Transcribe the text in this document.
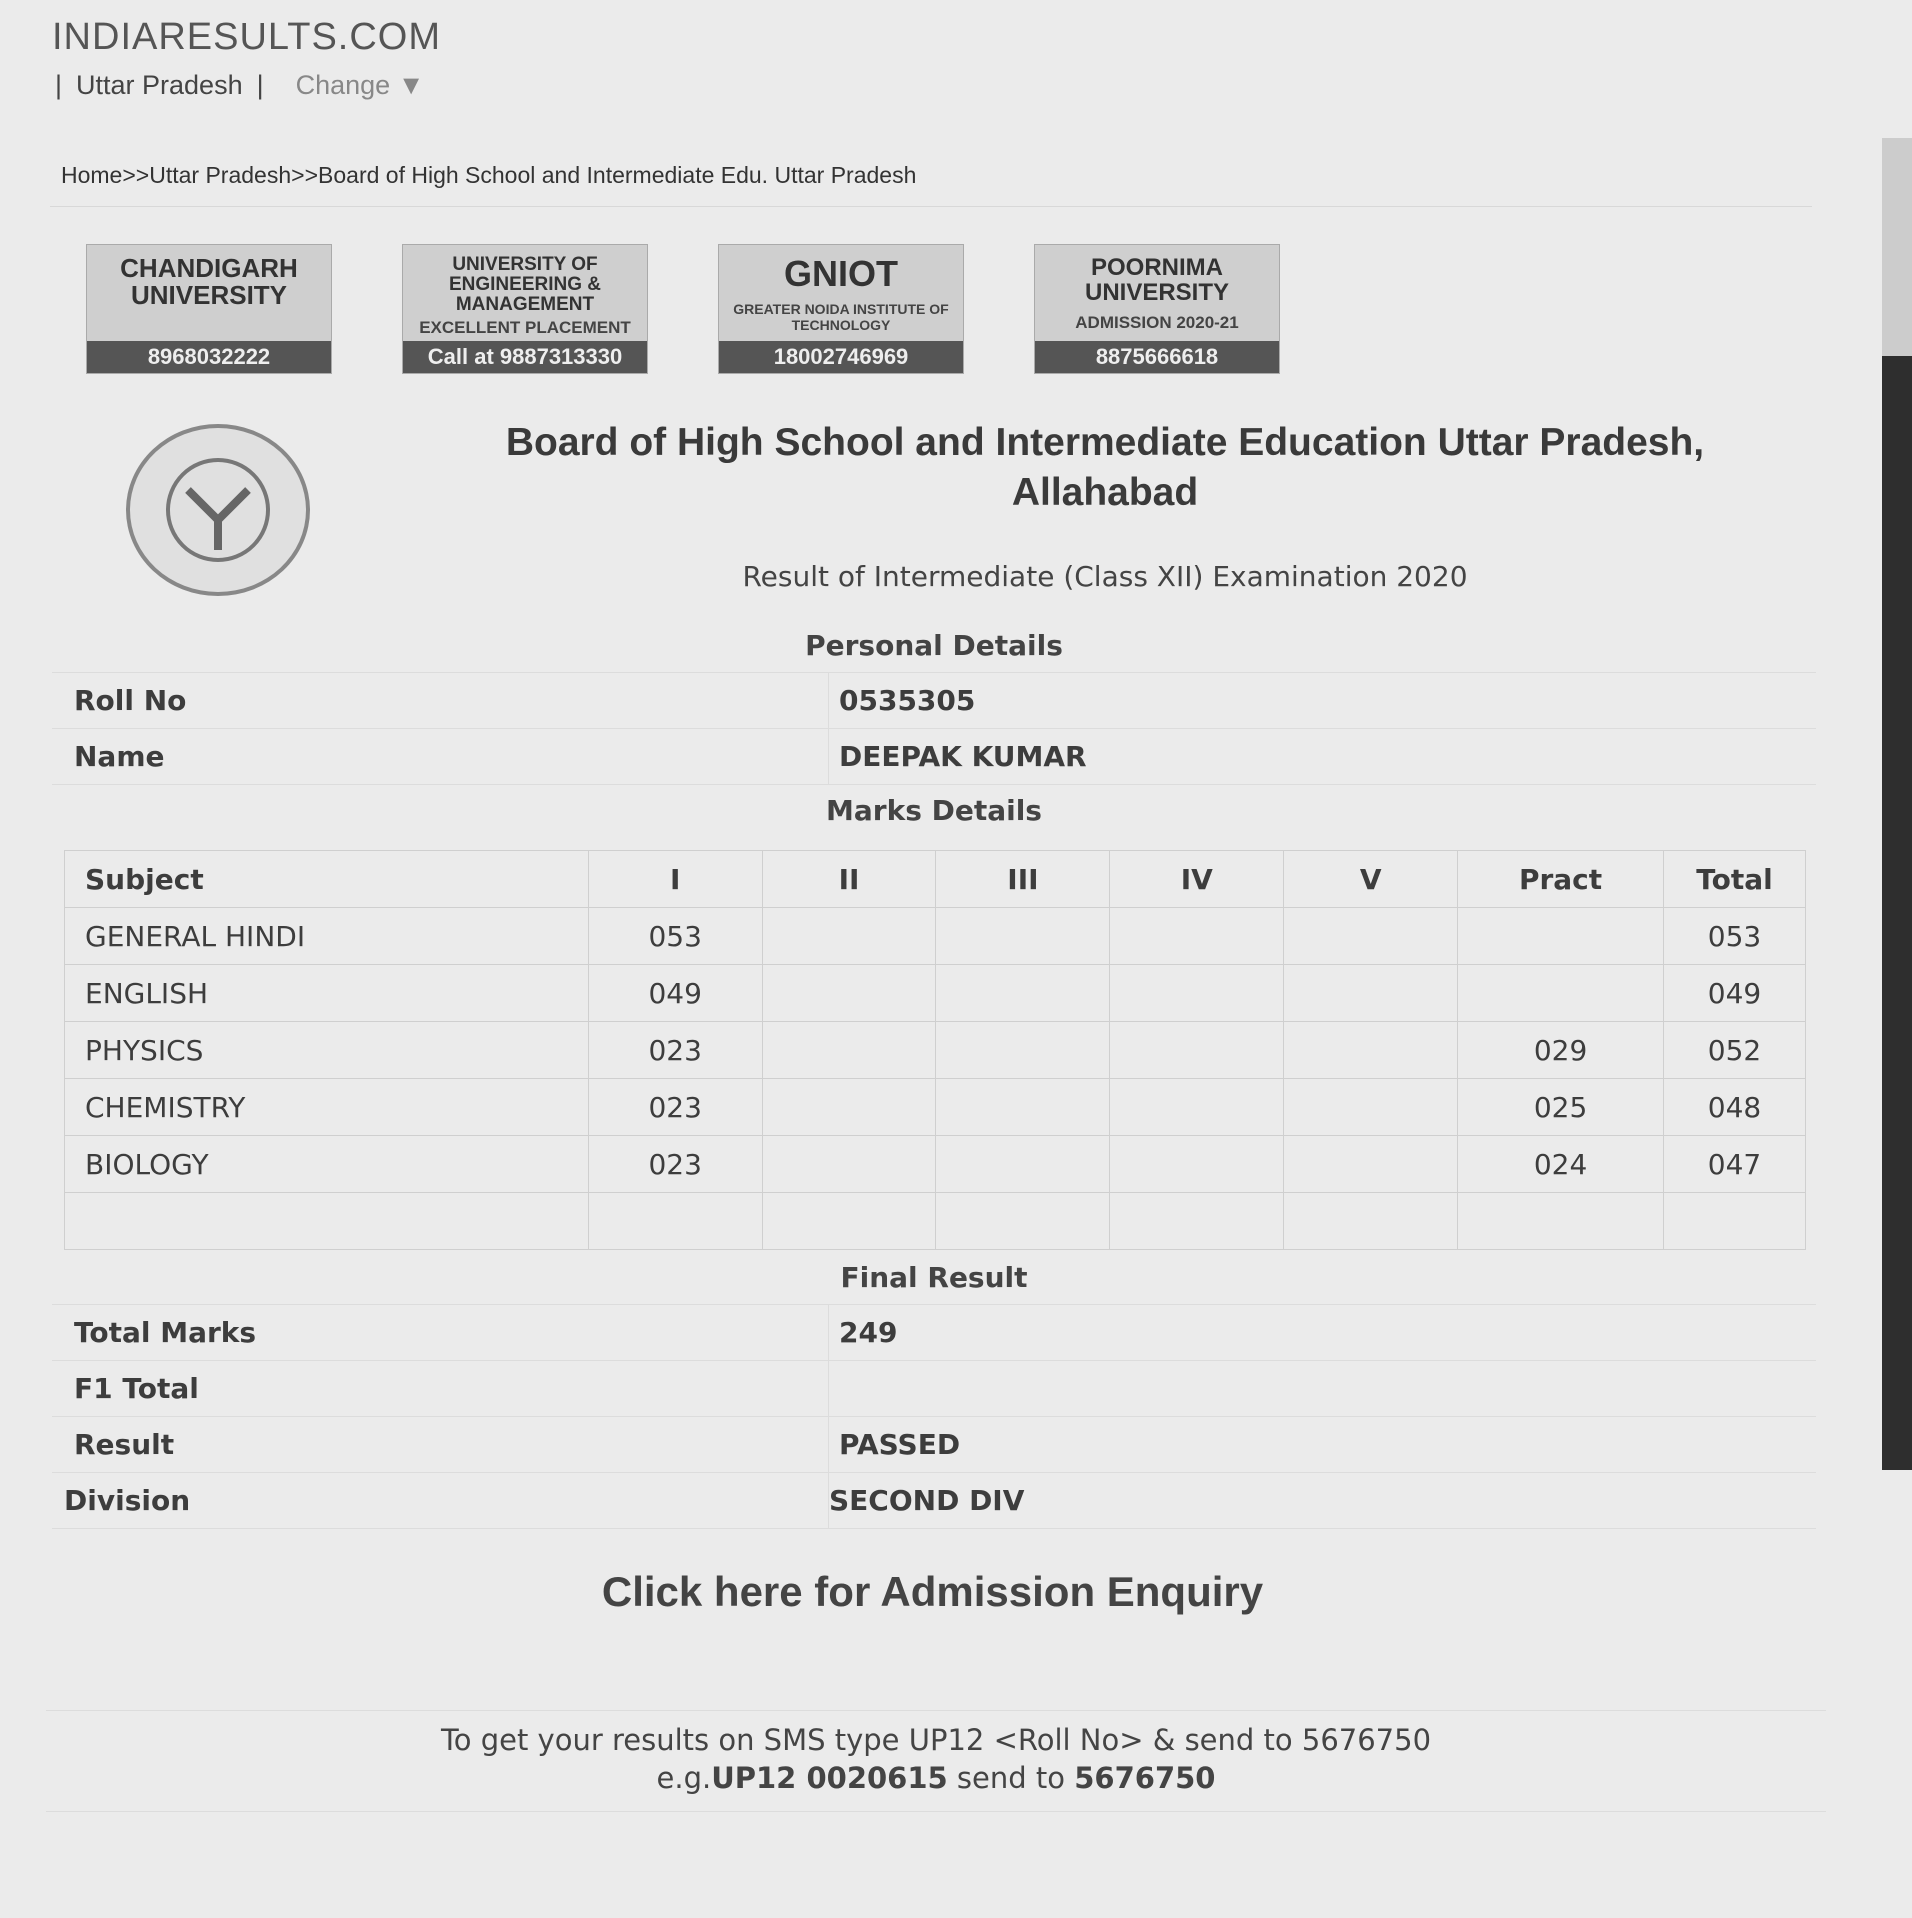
INDIARESULTS.COM
| Uttar Pradesh | Change ▼
Home>>Uttar Pradesh>>Board of High School and Intermediate Edu. Uttar Pradesh
CHANDIGARH UNIVERSITY
8968032222
UNIVERSITY OF ENGINEERING & MANAGEMENT
EXCELLENT PLACEMENT
Call at 9887313330
GNIOT
GREATER NOIDA INSTITUTE OF TECHNOLOGY
18002746969
POORNIMA UNIVERSITY
ADMISSION 2020-21
8875666618
Board of High School and Intermediate Education Uttar Pradesh, Allahabad
Result of Intermediate (Class XII) Examination 2020
Personal Details
Roll No	0535305
Name	DEEPAK KUMAR
Marks Details
Subject	I	II	III	IV	V	Pract	Total
GENERAL HINDI	053						053
ENGLISH	049						049
PHYSICS	023					029	052
CHEMISTRY	023					025	048
BIOLOGY	023					024	047

Final Result
Total Marks	249
F1 Total
Result	PASSED
Division	SECOND DIV
Click here for Admission Enquiry
To get your results on SMS type UP12 <Roll No> & send to 5676750
e.g.UP12 0020615 send to 5676750
